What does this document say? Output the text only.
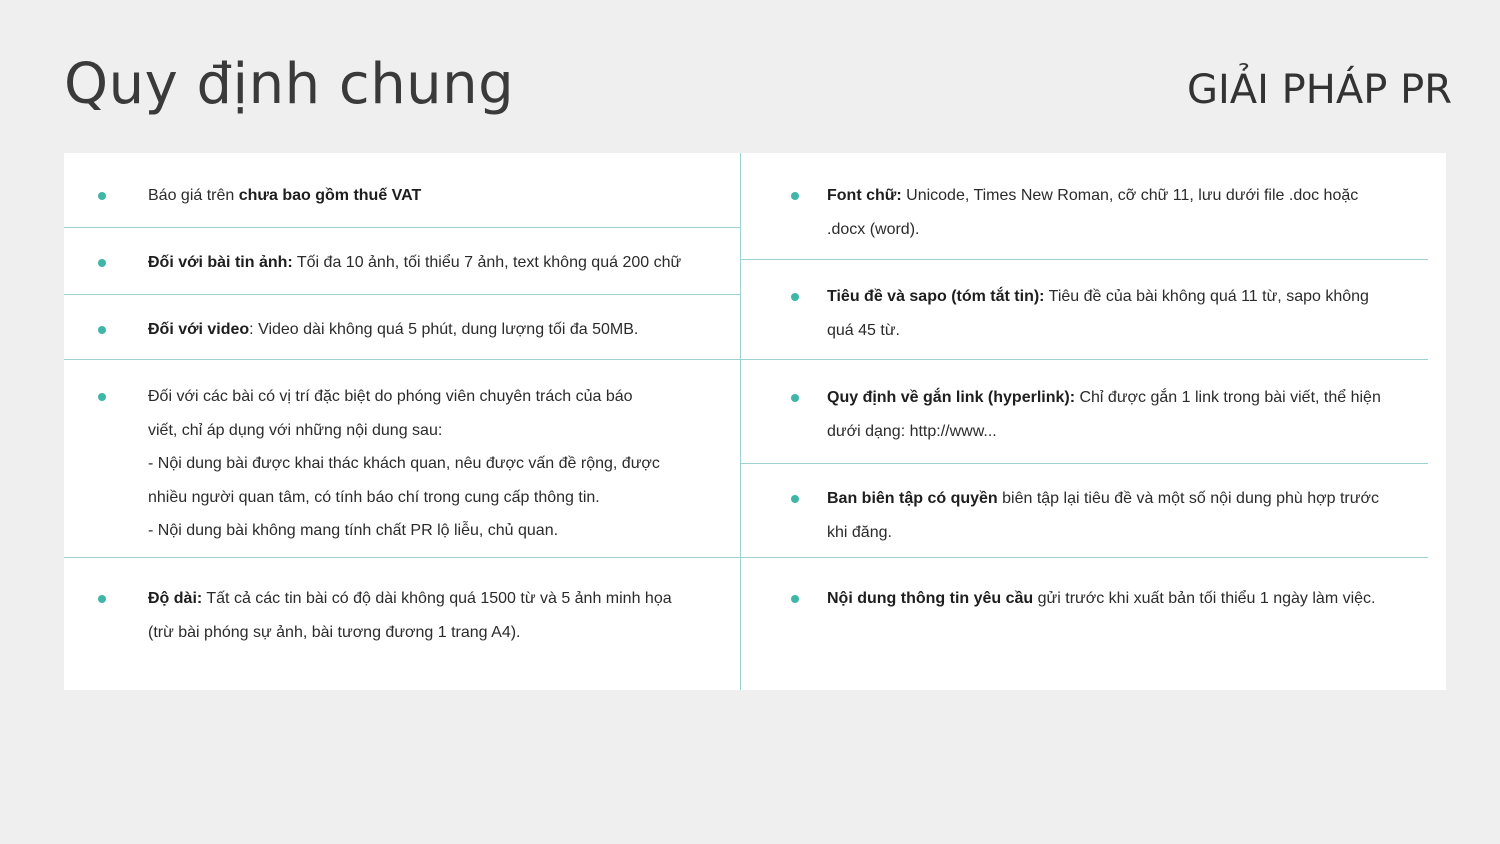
Quy định chung	GIẢI PHÁP PR
Báo giá trên chưa bao gồm thuế VAT
Đối với bài tin ảnh: Tối đa 10 ảnh, tối thiểu 7 ảnh, text không quá 200 chữ
Đối với video: Video dài không quá 5 phút, dung lượng tối đa 50MB.
Đối với các bài có vị trí đặc biệt do phóng viên chuyên trách của báo
viết, chỉ áp dụng với những nội dung sau:
- Nội dung bài được khai thác khách quan, nêu được vấn đề rộng, được
nhiều người quan tâm, có tính báo chí trong cung cấp thông tin.
- Nội dung bài không mang tính chất PR lộ liễu, chủ quan.
Độ dài: Tất cả các tin bài có độ dài không quá 1500 từ và 5 ảnh minh họa
(trừ bài phóng sự ảnh, bài tương đương 1 trang A4).
Font chữ: Unicode, Times New Roman, cỡ chữ 11, lưu dưới file .doc hoặc
.docx (word).
Tiêu đề và sapo (tóm tắt tin): Tiêu đề của bài không quá 11 từ, sapo không
quá 45 từ.
Quy định về gắn link (hyperlink): Chỉ được gắn 1 link trong bài viết, thể hiện
dưới dạng: http://www...
Ban biên tập có quyền biên tập lại tiêu đề và một số nội dung phù hợp trước
khi đăng.
Nội dung thông tin yêu cầu gửi trước khi xuất bản tối thiểu 1 ngày làm việc.
